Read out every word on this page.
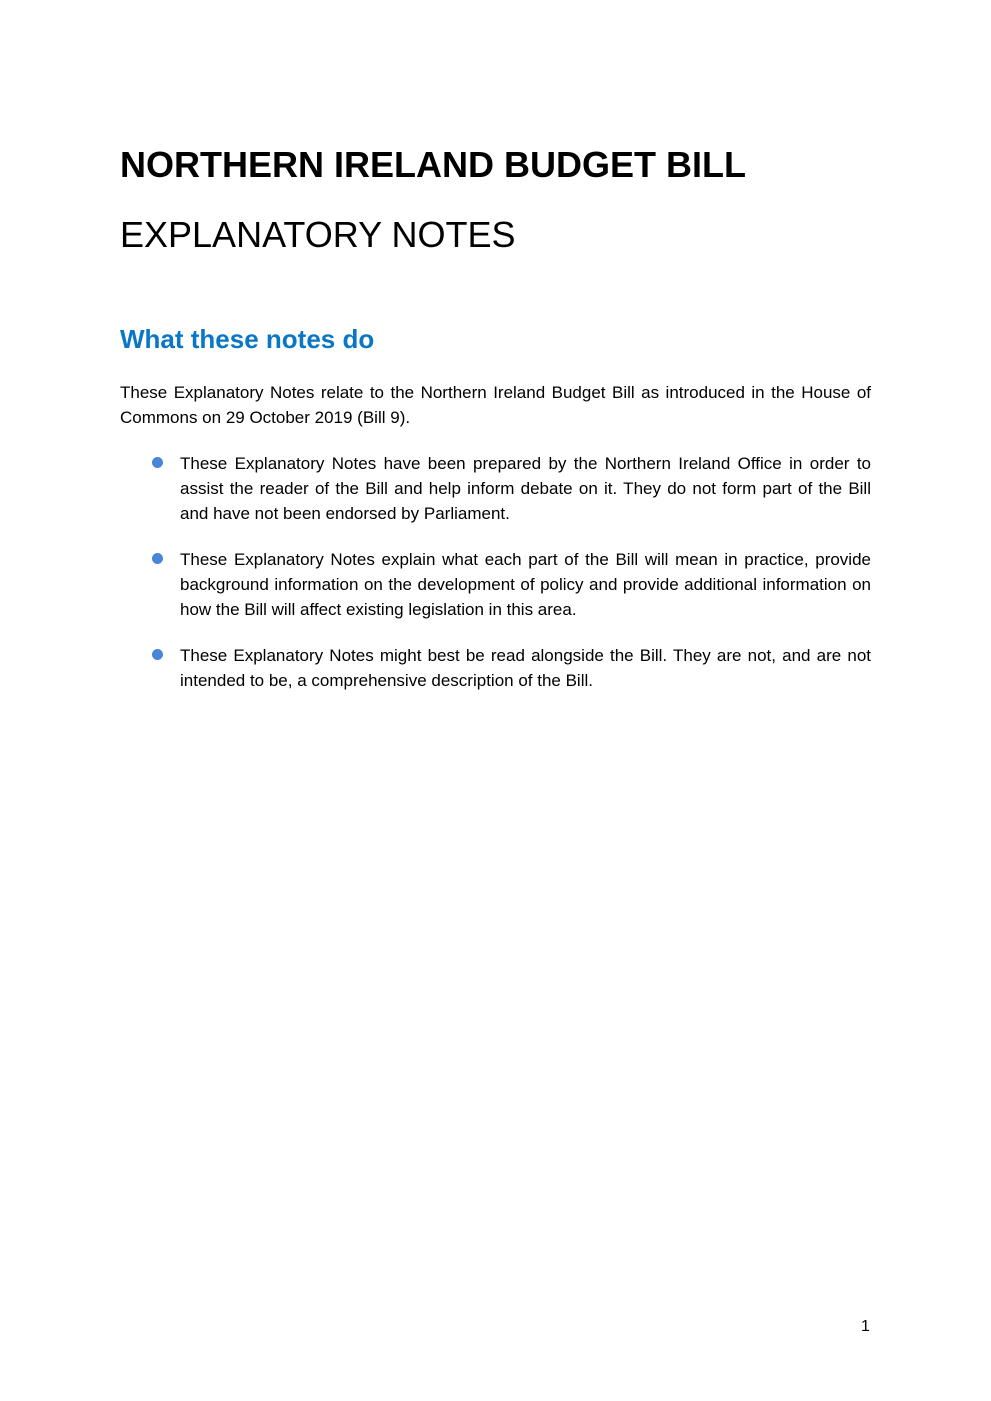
NORTHERN IRELAND BUDGET BILL
EXPLANATORY NOTES
What these notes do

These Explanatory Notes relate to the Northern Ireland Budget Bill as introduced in the House of Commons on 29 October 2019 (Bill 9).

These Explanatory Notes have been prepared by the Northern Ireland Office in order to assist the reader of the Bill and help inform debate on it. They do not form part of the Bill and have not been endorsed by Parliament.
These Explanatory Notes explain what each part of the Bill will mean in practice, provide background information on the development of policy and provide additional information on how the Bill will affect existing legislation in this area.
These Explanatory Notes might best be read alongside the Bill. They are not, and are not intended to be, a comprehensive description of the Bill.
1
